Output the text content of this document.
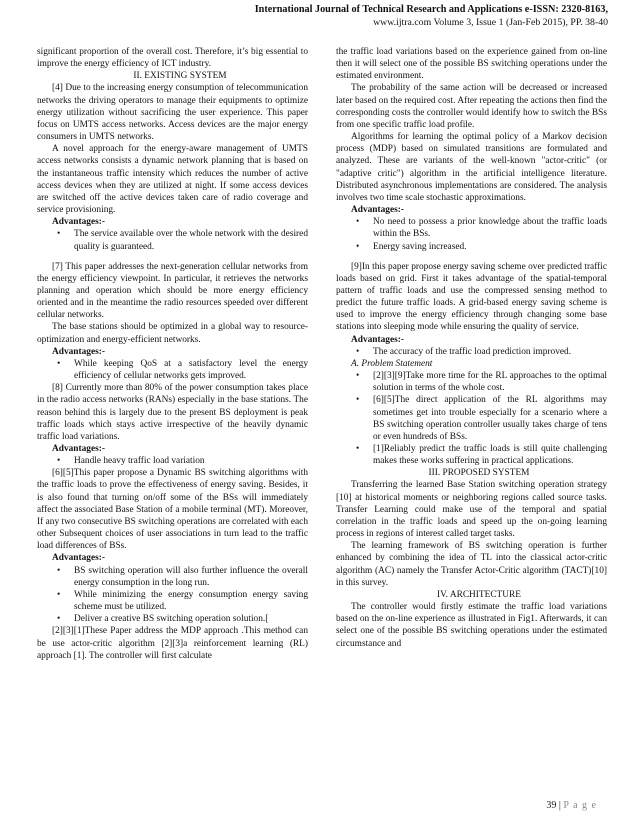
International Journal of Technical Research and Applications e-ISSN: 2320-8163,
www.ijtra.com Volume 3, Issue 1 (Jan-Feb 2015), PP. 38-40

significant proportion of the overall cost. Therefore, it’s big essential to improve the energy efficiency of ICT industry.

II. EXISTING SYSTEM

[4] Due to the increasing energy consumption of telecommunication networks the driving operators to manage their equipments to optimize energy utilization without sacrificing the user experience. This paper focus on UMTS access networks. Access devices are the major energy consumers in UMTS networks.

A novel approach for the energy-aware management of UMTS access networks consists a dynamic network planning that is based on the instantaneous traffic intensity which reduces the number of active access devices when they are utilized at night. If some access devices are switched off the active devices taken care of radio coverage and service provisioning.

Advantages:-

• The service available over the whole network with the desired quality is guaranteed.

[7] This paper addresses the next-generation cellular networks from the energy efficiency viewpoint. In particular, it retrieves the networks planning and operation which should be more energy efficiency oriented and in the meantime the radio resources speeded over different cellular networks.

The base stations should be optimized in a global way to resource-optimization and energy-efficient networks.

Advantages:-

• While keeping QoS at a satisfactory level the energy efficiency of cellular networks gets improved.

[8] Currently more than 80% of the power consumption takes place in the radio access networks (RANs) especially in the base stations. The reason behind this is largely due to the present BS deployment is peak traffic loads which stays active irrespective of the heavily dynamic traffic load variations.

Advantages:-

• Handle heavy traffic load variation

[6][5]This paper propose a Dynamic BS switching algorithms with the traffic loads to prove the effectiveness of energy saving. Besides, it is also found that turning on/off some of the BSs will immediately affect the associated Base Station of a mobile terminal (MT). Moreover, If any two consecutive BS switching operations are correlated with each other Subsequent choices of user associations in turn lead to the traffic load differences of BSs.

Advantages:-

• BS switching operation will also further influence the overall energy consumption in the long run.
• While minimizing the energy consumption energy saving scheme must be utilized.
• Deliver a creative BS switching operation solution.[

[2][3][1]These Paper address the MDP approach .This method can be use actor-critic algorithm [2][3]a reinforcement learning (RL) approach [1]. The controller will first calculate

the traffic load variations based on the experience gained from on-line then it will select one of the possible BS switching operations under the estimated environment.

The probability of the same action will be decreased or increased later based on the required cost. After repeating the actions then find the corresponding costs the controller would identify how to switch the BSs from one specific traffic load profile.

Algorithms for learning the optimal policy of a Markov decision process (MDP) based on simulated transitions are formulated and analyzed. These are variants of the well-known "actor-critic" (or "adaptive critic") algorithm in the artificial intelligence literature. Distributed asynchronous implementations are considered. The analysis involves two time scale stochastic approximations.

Advantages:-

• No need to possess a prior knowledge about the traffic loads within the BSs.
• Energy saving increased.

[9]In this paper propose energy saving scheme over predicted traffic loads based on grid. First it takes advantage of the spatial-temporal pattern of traffic loads and use the compressed sensing method to predict the future traffic loads. A grid-based energy saving scheme is used to improve the energy efficiency through changing some base stations into sleeping mode while ensuring the quality of service.

Advantages:-

• The accuracy of the traffic load prediction improved.

A. Problem Statement

• [2][3][9]Take more time for the RL approaches to the optimal solution in terms of the whole cost.
• [6][5]The direct application of the RL algorithms may sometimes get into trouble especially for a scenario where a BS switching operation controller usually takes charge of tens or even hundreds of BSs.
• [1]Reliably predict the traffic loads is still quite challenging makes these works suffering in practical applications.

III. PROPOSED SYSTEM

Transferring the learned Base Station switching operation strategy [10] at historical moments or neighboring regions called source tasks. Transfer Learning could make use of the temporal and spatial correlation in the traffic loads and speed up the on-going learning process in regions of interest called target tasks.

The learning framework of BS switching operation is further enhanced by combining the idea of TL into the classical actor-critic algorithm (AC) namely the Transfer Actor-Critic algorithm (TACT)[10] in this survey.

IV. ARCHITECTURE

The controller would firstly estimate the traffic load variations based on the on-line experience as illustrated in Fig1. Afterwards, it can select one of the possible BS switching operations under the estimated circumstance and

39 | P a g e
